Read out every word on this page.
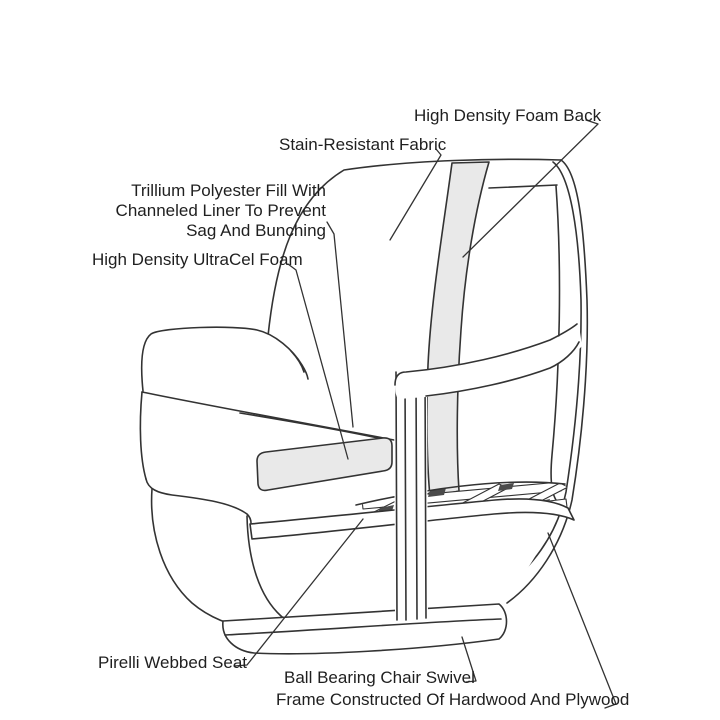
High Density Foam Back
Stain-Resistant Fabric
Trillium Polyester Fill With
Channeled Liner To Prevent
Sag And Bunching
High Density UltraCel Foam
Pirelli Webbed Seat
Ball Bearing Chair Swivel
Frame Constructed Of Hardwood And Plywood
